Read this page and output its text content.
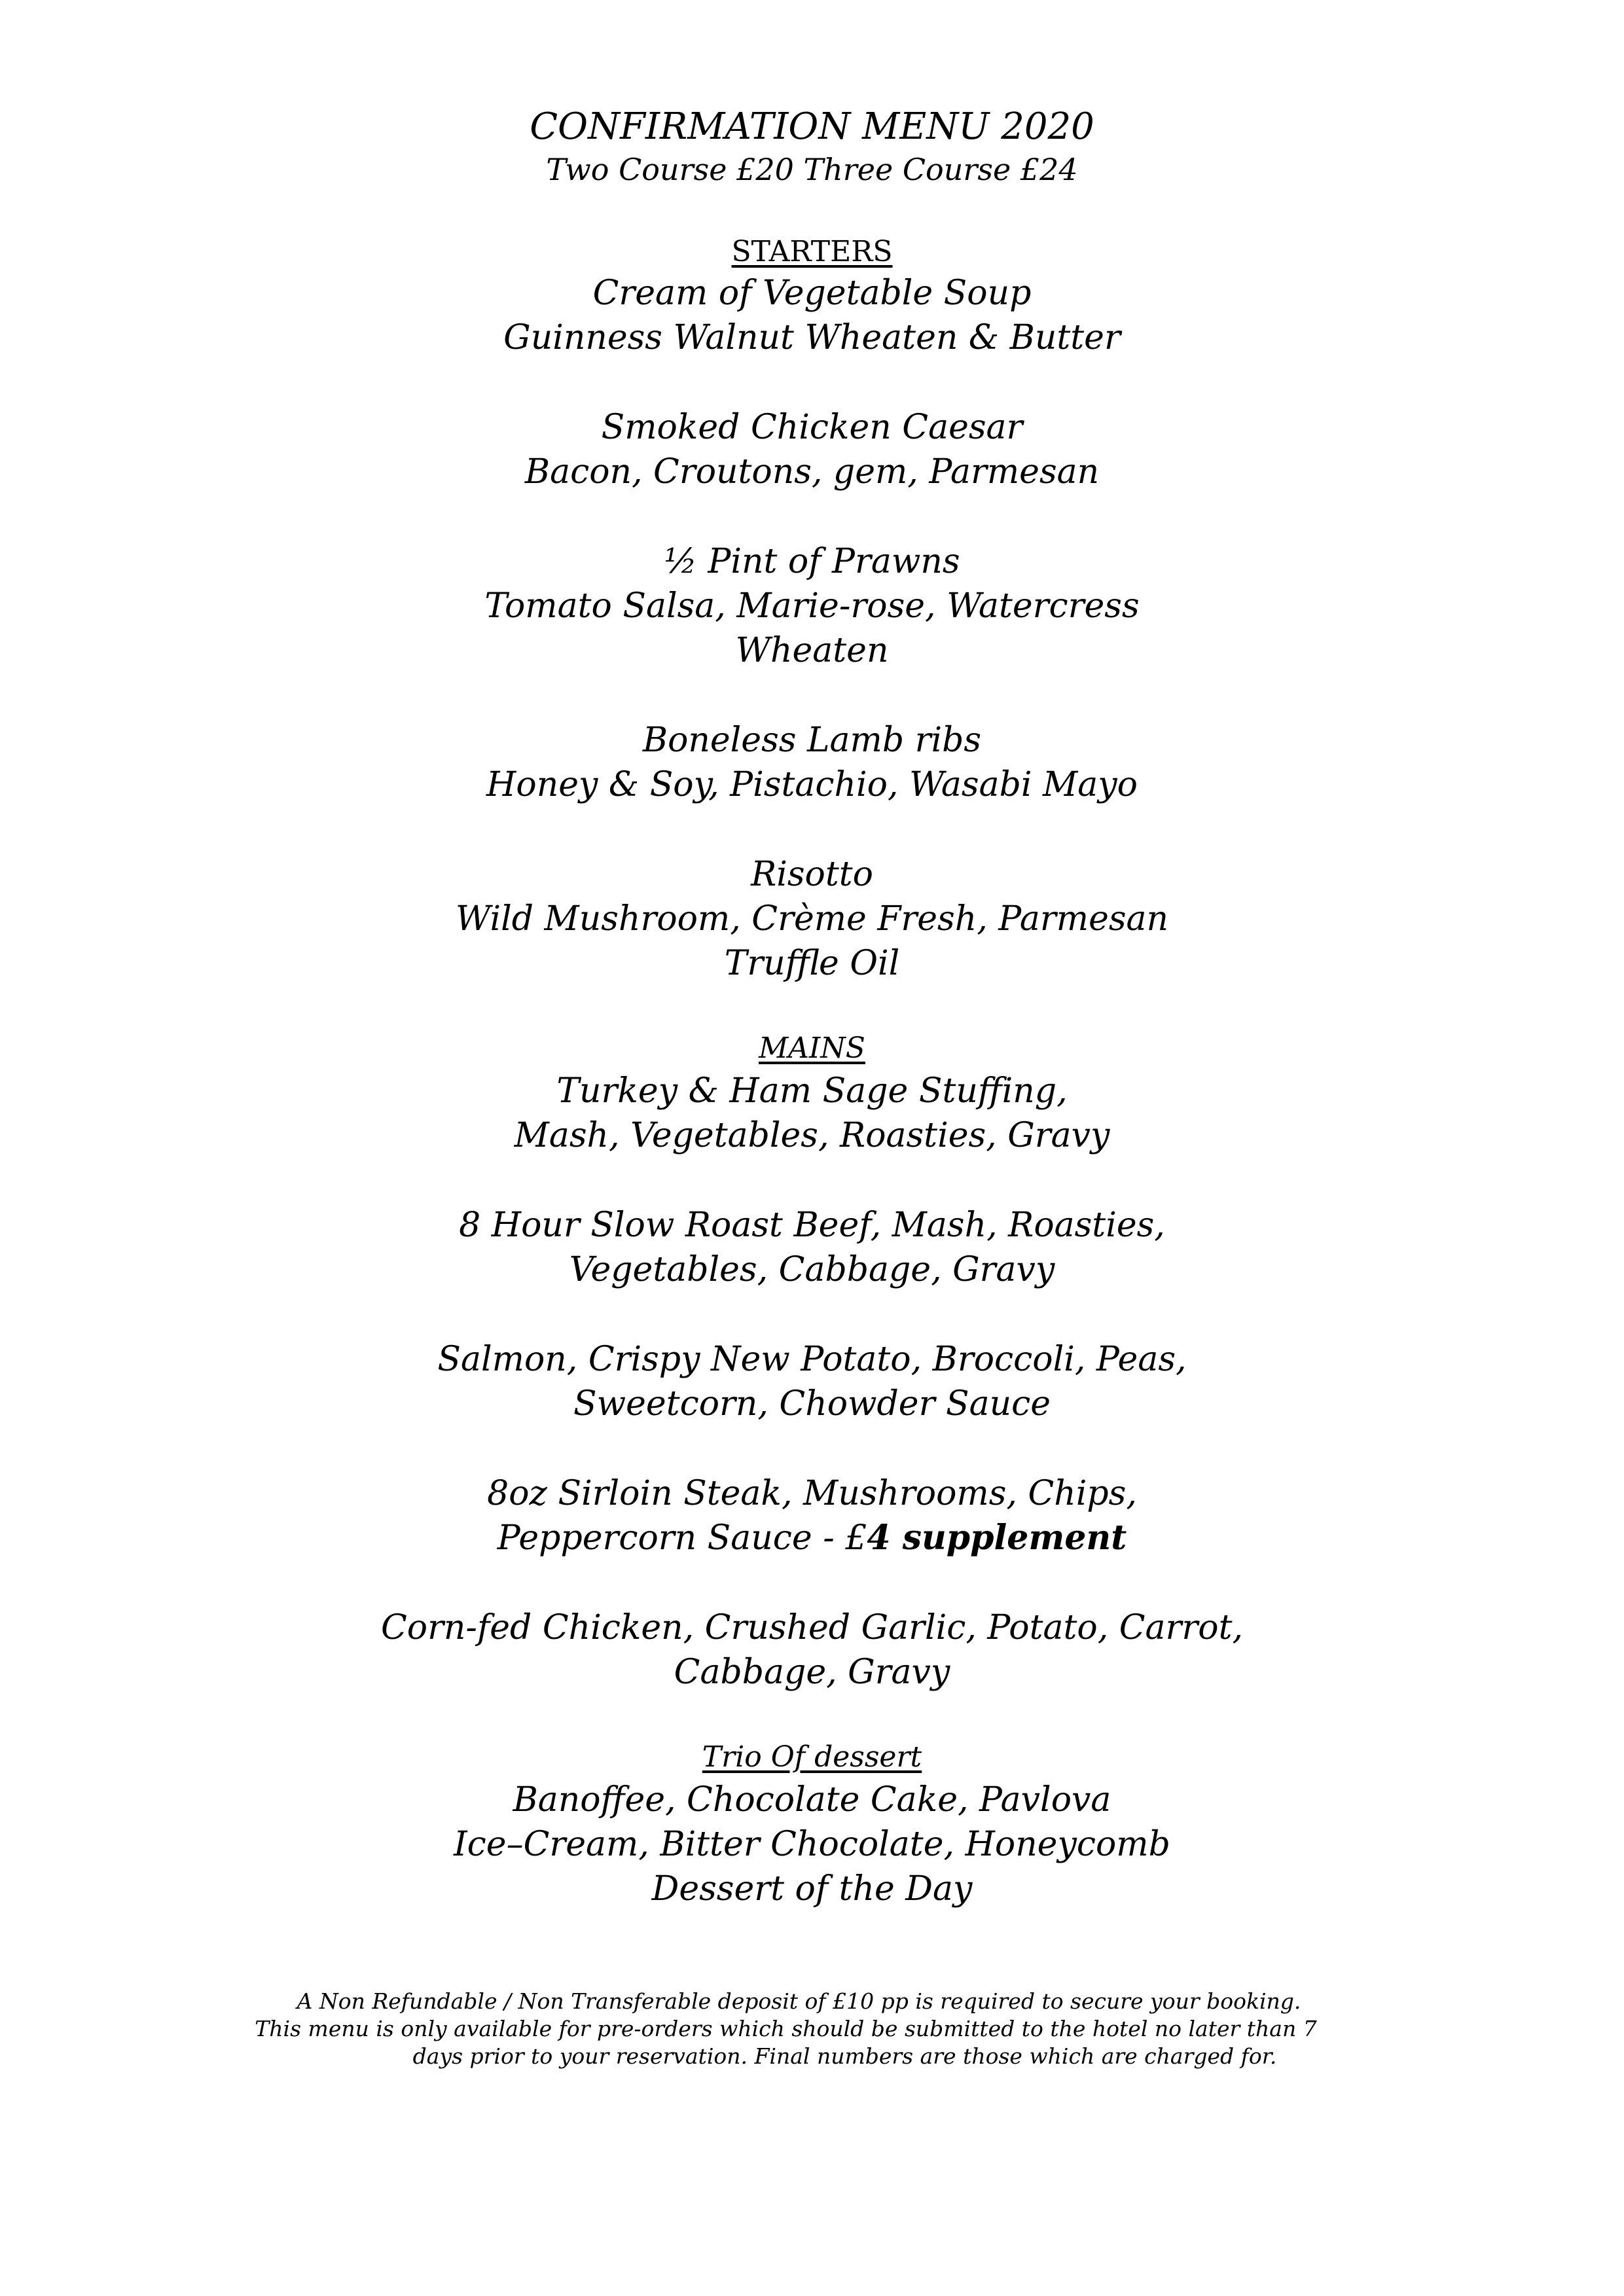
CONFIRMATION MENU 2020
Two Course £20 Three Course £24
STARTERS
Cream of Vegetable Soup
Guinness Walnut Wheaten & Butter
Smoked Chicken Caesar
Bacon, Croutons, gem, Parmesan
½ Pint of Prawns
Tomato Salsa, Marie-rose, Watercress
Wheaten
Boneless Lamb ribs
Honey & Soy, Pistachio, Wasabi Mayo
Risotto
Wild Mushroom, Crème Fresh, Parmesan
Truffle Oil
MAINS
Turkey & Ham Sage Stuffing,
Mash, Vegetables, Roasties, Gravy
8 Hour Slow Roast Beef, Mash, Roasties,
Vegetables, Cabbage, Gravy
Salmon, Crispy New Potato, Broccoli, Peas,
Sweetcorn, Chowder Sauce
8oz Sirloin Steak, Mushrooms, Chips,
Peppercorn Sauce - £4 supplement
Corn-fed Chicken, Crushed Garlic, Potato, Carrot,
Cabbage, Gravy
Trio Of dessert
Banoffee, Chocolate Cake, Pavlova
Ice–Cream, Bitter Chocolate, Honeycomb
Dessert of the Day
A Non Refundable / Non Transferable deposit of £10 pp is required to secure your booking.
This menu is only available for pre-orders which should be submitted to the hotel no later than 7
days prior to your reservation. Final numbers are those which are charged for.
